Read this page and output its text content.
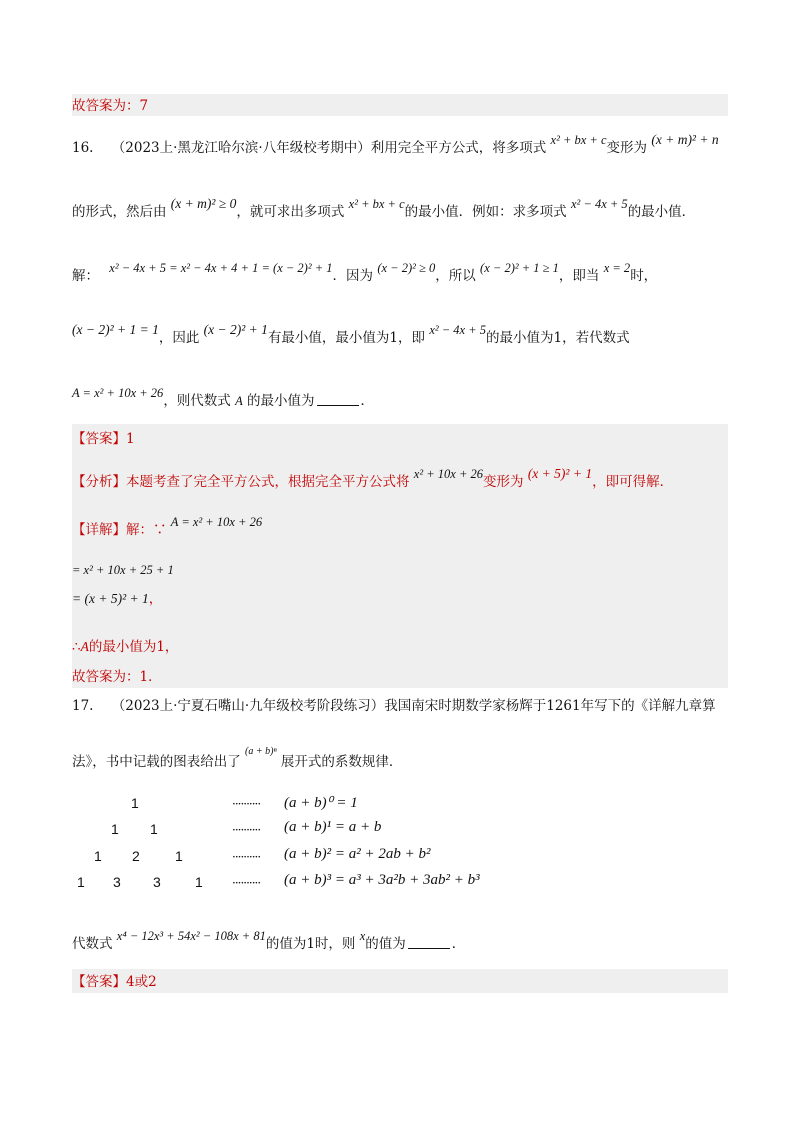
故答案为：7
16. （2023上·黑龙江哈尔滨·八年级校考期中）利用完全平方公式，将多项式 x² + bx + c变形为 (x + m)² + n
的形式，然后由 (x + m)² ≥ 0，就可求出多项式 x² + bx + c的最小值．例如：求多项式 x² − 4x + 5的最小值．
解： x² − 4x + 5 = x² − 4x + 4 + 1 = (x − 2)² + 1．因为 (x − 2)² ≥ 0，所以 (x − 2)² + 1 ≥ 1，即当 x = 2时，
(x − 2)² + 1 = 1，因此 (x − 2)² + 1有最小值，最小值为1，即 x² − 4x + 5的最小值为1，若代数式
A = x² + 10x + 26，则代数式 A 的最小值为	．
【答案】1
【分析】本题考查了完全平方公式，根据完全平方公式将 x² + 10x + 26变形为 (x + 5)² + 1，即可得解．
【详解】解：∵ A = x² + 10x + 26
= x² + 10x + 25 + 1
= (x + 5)² + 1，
∴A的最小值为1，
故答案为：1．
17. （2023上·宁夏石嘴山·九年级校考阶段练习）我国南宋时期数学家杨辉于1261年写下的《详解九章算
法》，书中记载的图表给出了 $^{(a + b)^n}$ 展开式的系数规律．
1	·········· (a + b)⁰ = 1
1 1	·········· (a + b)¹ = a + b
1 2	1	·········· (a + b)² = a² + 2ab + b²
1 3 3 1 ·········· (a + b)³ = a³ + 3a²b + 3ab² + b³
代数式 x⁴ − 12x³ + 54x² − 108x + 81的值为1时，则 x的值为	．
【答案】4或2
